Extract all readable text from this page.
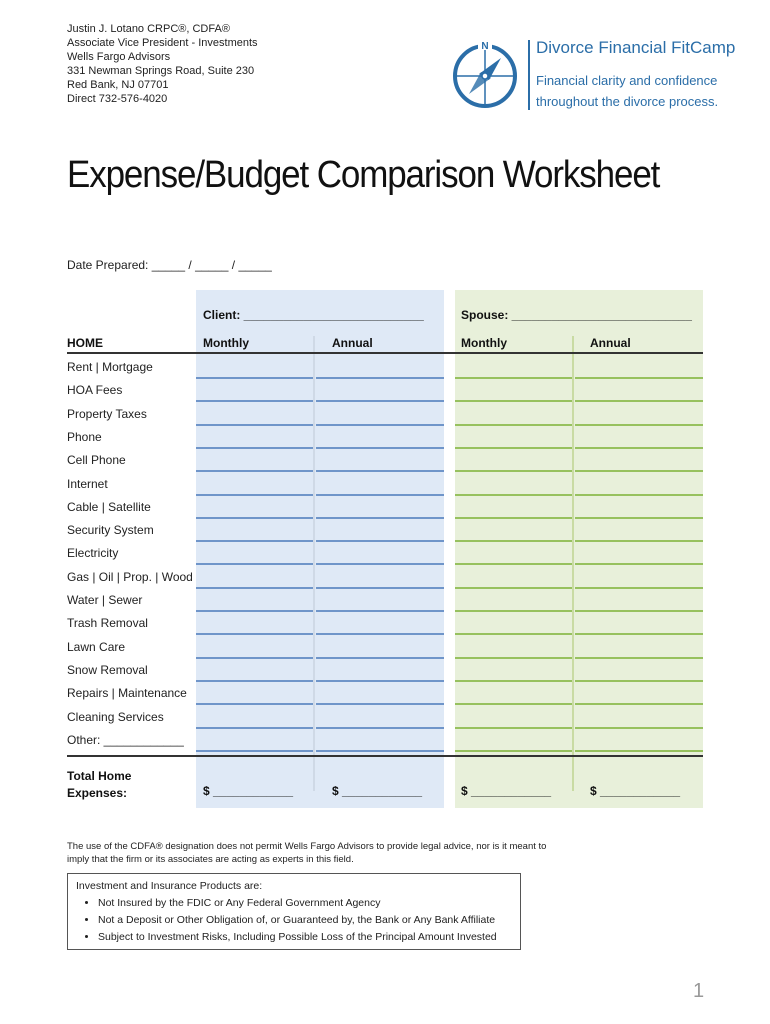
Justin J. Lotano CRPC®, CDFA®
Associate Vice President - Investments
Wells Fargo Advisors
331 Newman Springs Road, Suite 230
Red Bank, NJ 07701
Direct 732-576-4020
N	Divorce Financial FitCamp
Financial clarity and confidence
throughout the divorce process.
Expense/Budget Comparison Worksheet
Date Prepared: _____ / _____ / _____
Client: ___________________________	Spouse: ___________________________
HOME	Monthly	Annual	Monthly	Annual
Rent | Mortgage
HOA Fees
Property Taxes
Phone
Cell Phone
Internet
Cable | Satellite
Security System
Electricity
Gas | Oil | Prop. | Wood
Water | Sewer
Trash Removal
Lawn Care
Snow Removal
Repairs | Maintenance
Cleaning Services
Other: ____________
Total Home
Expenses:	$ ____________	$ ____________	$ ____________	$ ____________
The use of the CDFA® designation does not permit Wells Fargo Advisors to provide legal advice, nor is it meant to imply that the firm or its associates are acting as experts in this field.
Investment and Insurance Products are:
• Not Insured by the FDIC or Any Federal Government Agency
• Not a Deposit or Other Obligation of, or Guaranteed by, the Bank or Any Bank Affiliate
• Subject to Investment Risks, Including Possible Loss of the Principal Amount Invested
1
